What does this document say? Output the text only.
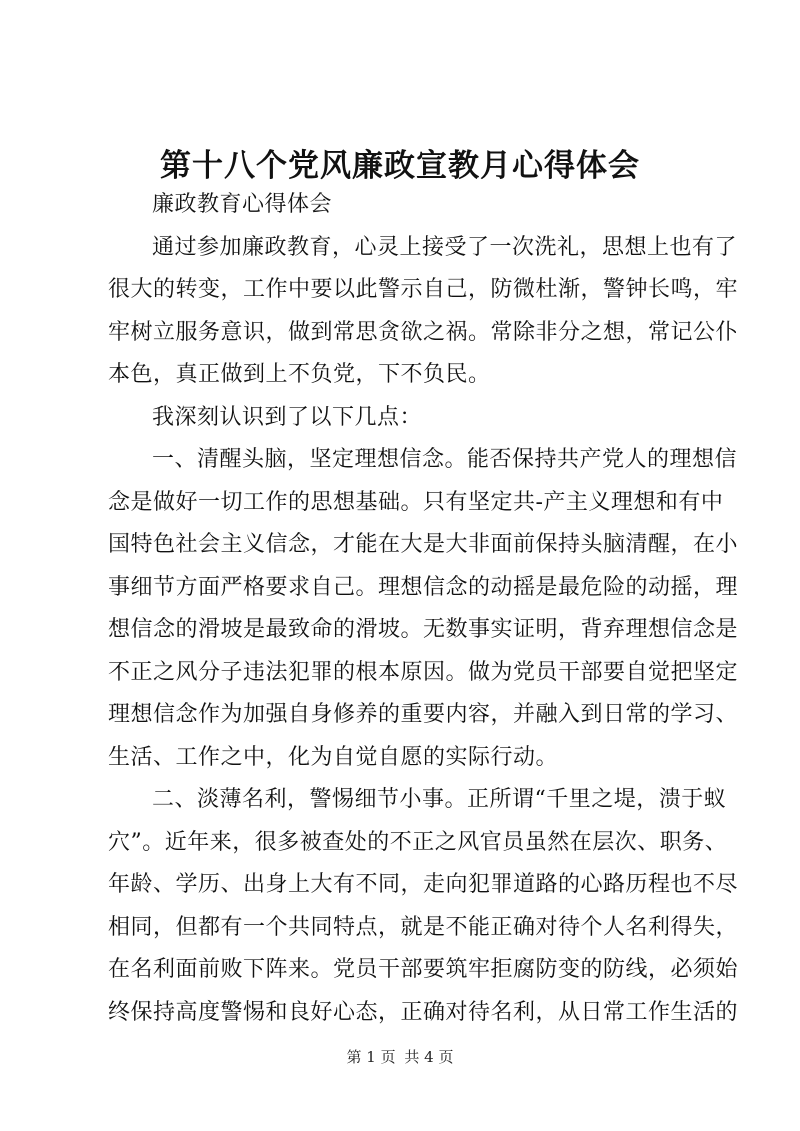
第十八个党风廉政宣教月心得体会
廉政教育心得体会
通过参加廉政教育，心灵上接受了一次洗礼，思想上也有了
很大的转变，工作中要以此警示自己，防微杜渐，警钟长鸣，牢
牢树立服务意识，做到常思贪欲之祸。常除非分之想，常记公仆
本色，真正做到上不负党，下不负民。
我深刻认识到了以下几点：
一、清醒头脑，坚定理想信念。能否保持共产党人的理想信
念是做好一切工作的思想基础。只有坚定共-产主义理想和有中
国特色社会主义信念，才能在大是大非面前保持头脑清醒，在小
事细节方面严格要求自己。理想信念的动摇是最危险的动摇，理
想信念的滑坡是最致命的滑坡。无数事实证明，背弃理想信念是
不正之风分子违法犯罪的根本原因。做为党员干部要自觉把坚定
理想信念作为加强自身修养的重要内容，并融入到日常的学习、
生活、工作之中，化为自觉自愿的实际行动。
二、淡薄名利，警惕细节小事。正所谓“千里之堤，溃于蚁
穴”。近年来，很多被查处的不正之风官员虽然在层次、职务、
年龄、学历、出身上大有不同，走向犯罪道路的心路历程也不尽
相同，但都有一个共同特点，就是不能正确对待个人名利得失，
在名利面前败下阵来。党员干部要筑牢拒腐防变的防线，必须始
终保持高度警惕和良好心态，正确对待名利，从日常工作生活的
第 1 页 共 4 页
